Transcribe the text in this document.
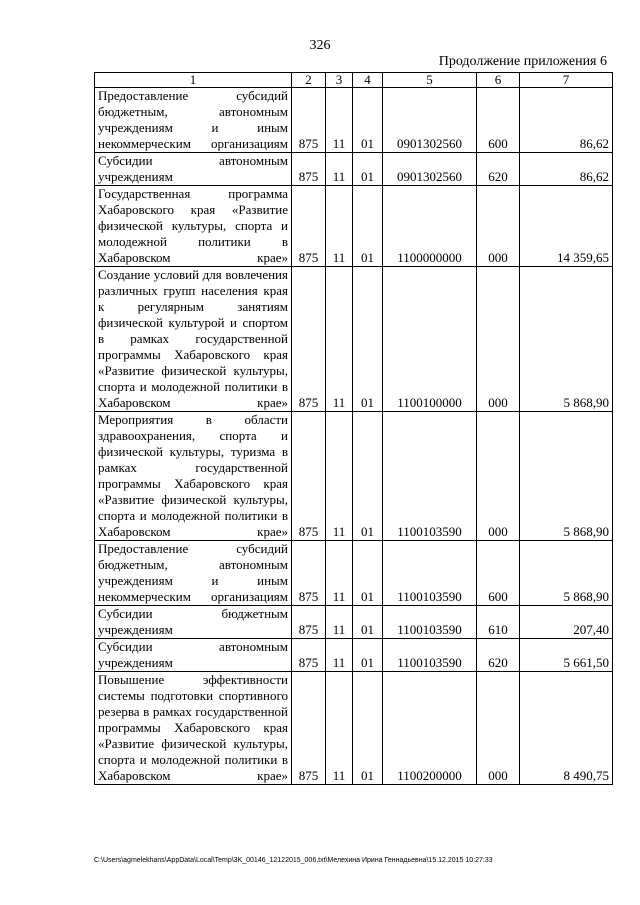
326
Продолжение приложения 6
1	2	3	4	5	6	7

Предоставление субсидий бюджетным, автономным учреждениям и иным некоммерческим организациям	875	11	01	0901302560	600	86,62

Субсидии автономным учреждениям	875	11	01	0901302560	620	86,62

Государственная программа Хабаровского края «Развитие физической культуры, спорта и молодежной политики в Хабаровском крае»	875	11	01	1100000000	000	14 359,65

Создание условий для вовлечения различных групп населения края к регулярным занятиям физической культурой и спортом в рамках государственной программы Хабаровского края «Развитие физической культуры, спорта и молодежной политики в Хабаровском крае»	875	11	01	1100100000	000	5 868,90

Мероприятия в области здравоохранения, спорта и физической культуры, туризма в рамках государственной программы Хабаровского края «Развитие физической культуры, спорта и молодежной политики в Хабаровском крае»	875	11	01	1100103590	000	5 868,90

Предоставление субсидий бюджетным, автономным учреждениям и иным некоммерческим организациям	875	11	01	1100103590	600	5 868,90

Субсидии бюджетным учреждениям	875	11	01	1100103590	610	207,40

Субсидии автономным учреждениям	875	11	01	1100103590	620	5 661,50

Повышение эффективности системы подготовки спортивного резерва в рамках государственной программы Хабаровского края «Развитие физической культуры, спорта и молодежной политики в Хабаровском крае»	875	11	01	1100200000	000	8 490,75
C:\Users\agmelekhans\AppData\Local\Temp\3K_00146_12122015_006.txt\Мелехина Ирина Геннадьевна\15.12.2015 10:27:33
